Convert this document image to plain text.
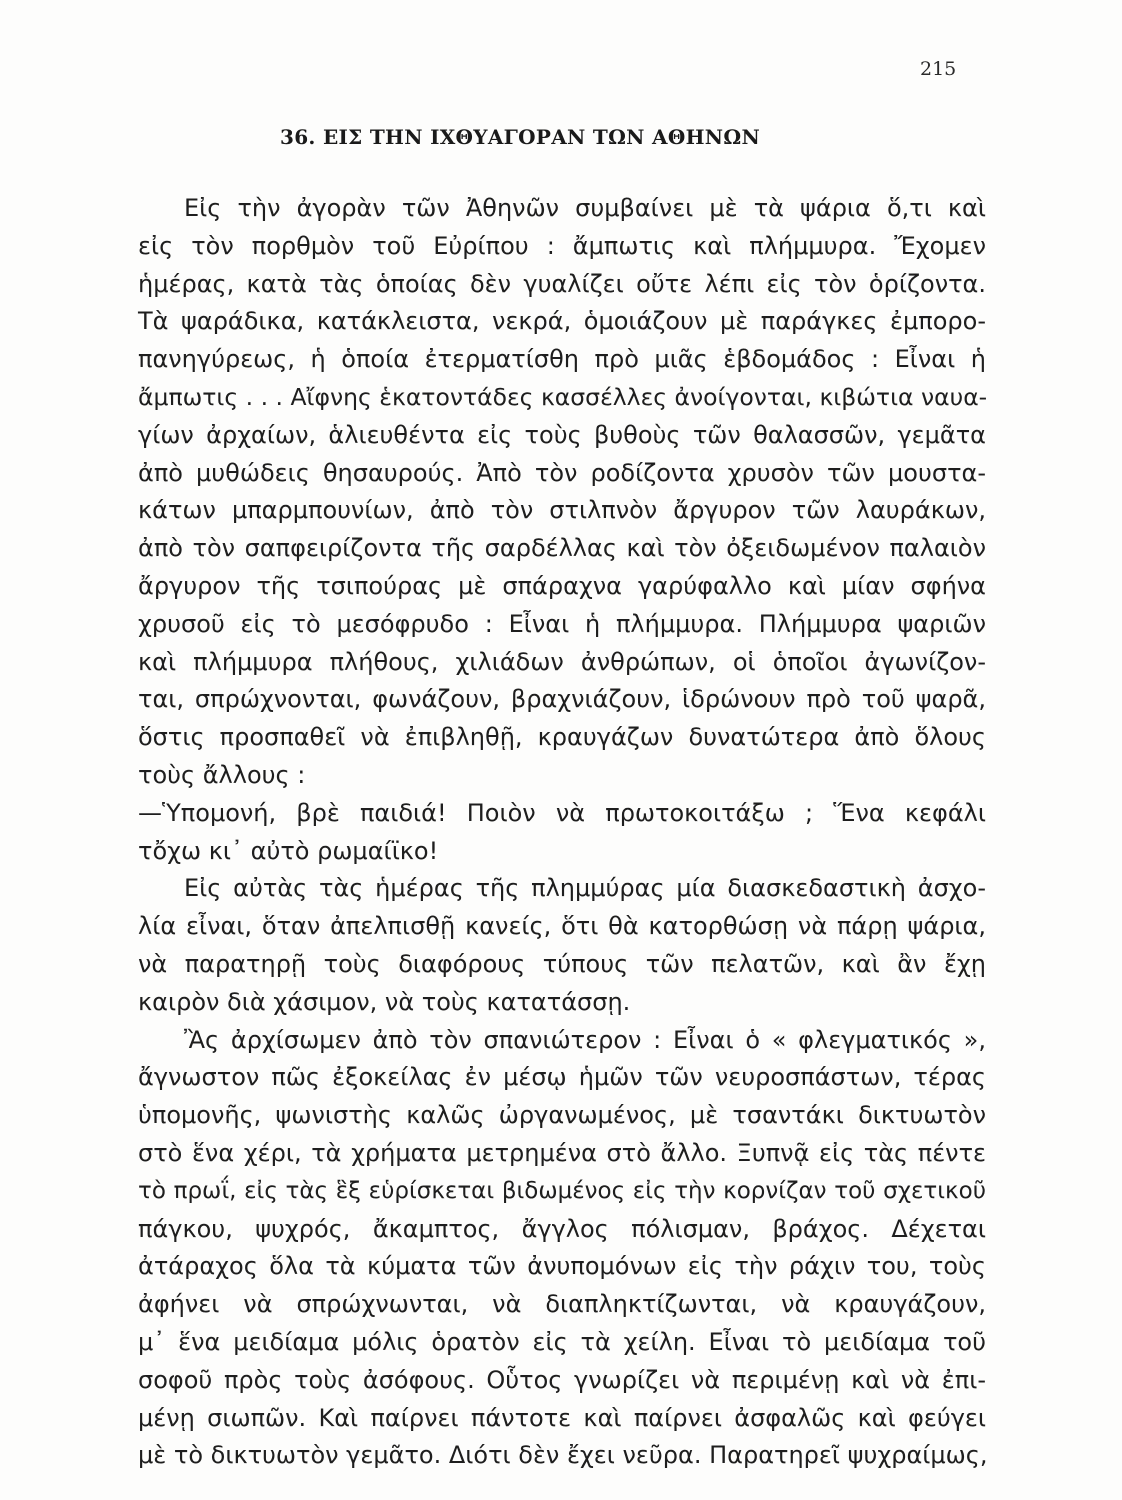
215
36. ΕΙΣ ΤΗΝ ΙΧΘΥΑΓΟΡΑΝ ΤΩΝ ΑΘΗΝΩΝ
Εἰς τὴν ἀγορὰν τῶν Ἀθηνῶν συμβαίνει μὲ τὰ ψάρια ὅ,τι καὶ
εἰς τὸν πορθμὸν τοῦ Εὐρίπου : ἄμπωτις καὶ πλήμμυρα. Ἔχομεν
ἡμέρας, κατὰ τὰς ὁποίας δὲν γυαλίζει οὔτε λέπι εἰς τὸν ὁρίζοντα.
Τὰ ψαράδικα, κατάκλειστα, νεκρά, ὁμοιάζουν μὲ παράγκες ἐμπορο-
πανηγύρεως, ἡ ὁποία ἐτερματίσθη πρὸ μιᾶς ἑβδομάδος : Εἶναι ἡ
ἄμπωτις . . . Αἴφνης ἑκατοντάδες κασσέλλες ἀνοίγονται, κιβώτια ναυα-
γίων ἀρχαίων, ἁλιευθέντα εἰς τοὺς βυθοὺς τῶν θαλασσῶν, γεμᾶτα
ἀπὸ μυθώδεις θησαυρούς. Ἀπὸ τὸν ροδίζοντα χρυσὸν τῶν μουστα-
κάτων μπαρμπουνίων, ἀπὸ τὸν στιλπνὸν ἄργυρον τῶν λαυράκων,
ἀπὸ τὸν σαπφειρίζοντα τῆς σαρδέλλας καὶ τὸν ὀξειδωμένον παλαιὸν
ἄργυρον τῆς τσιπούρας μὲ σπάραχνα γαρύφαλλο καὶ μίαν σφήνα
χρυσοῦ εἰς τὸ μεσόφρυδο : Εἶναι ἡ πλήμμυρα. Πλήμμυρα ψαριῶν
καὶ πλήμμυρα πλήθους, χιλιάδων ἀνθρώπων, οἱ ὁποῖοι ἀγωνίζον-
ται, σπρώχνονται, φωνάζουν, βραχνιάζουν, ἱδρώνουν πρὸ τοῦ ψαρᾶ,
ὅστις προσπαθεῖ νὰ ἐπιβληθῇ, κραυγάζων δυνατώτερα ἀπὸ ὅλους
τοὺς ἄλλους :
—Ὑπομονή, βρὲ παιδιά! Ποιὸν νὰ πρωτοκοιτάξω ; Ἕνα κεφάλι
τὄχω κι᾿ αὐτὸ ρωμαίϊκο!
Εἰς αὐτὰς τὰς ἡμέρας τῆς πλημμύρας μία διασκεδαστικὴ ἀσχο-
λία εἶναι, ὅταν ἀπελπισθῇ κανείς, ὅτι θὰ κατορθώσῃ νὰ πάρῃ ψάρια,
νὰ παρατηρῇ τοὺς διαφόρους τύπους τῶν πελατῶν, καὶ ἂν ἔχῃ
καιρὸν διὰ χάσιμον, νὰ τοὺς κατατάσσῃ.
Ἂς ἀρχίσωμεν ἀπὸ τὸν σπανιώτερον : Εἶναι ὁ « φλεγματικός »,
ἄγνωστον πῶς ἐξοκείλας ἐν μέσῳ ἡμῶν τῶν νευροσπάστων, τέρας
ὑπομονῆς, ψωνιστὴς καλῶς ὠργανωμένος, μὲ τσαντάκι δικτυωτὸν
στὸ ἕνα χέρι, τὰ χρήματα μετρημένα στὸ ἄλλο. Ξυπνᾷ εἰς τὰς πέντε
τὸ πρωΐ, εἰς τὰς ἓξ εὑρίσκεται βιδωμένος εἰς τὴν κορνίζαν τοῦ σχετικοῦ
πάγκου, ψυχρός, ἄκαμπτος, ἄγγλος πόλισμαν, βράχος. Δέχεται
ἀτάραχος ὅλα τὰ κύματα τῶν ἀνυπομόνων εἰς τὴν ράχιν του, τοὺς
ἀφήνει νὰ σπρώχνωνται, νὰ διαπληκτίζωνται, νὰ κραυγάζουν,
μ᾿ ἕνα μειδίαμα μόλις ὁρατὸν εἰς τὰ χείλη. Εἶναι τὸ μειδίαμα τοῦ
σοφοῦ πρὸς τοὺς ἀσόφους. Οὗτος γνωρίζει νὰ περιμένῃ καὶ νὰ ἐπι-
μένῃ σιωπῶν. Καὶ παίρνει πάντοτε καὶ παίρνει ἀσφαλῶς καὶ φεύγει
μὲ τὸ δικτυωτὸν γεμᾶτο. Διότι δὲν ἔχει νεῦρα. Παρατηρεῖ ψυχραίμως,
